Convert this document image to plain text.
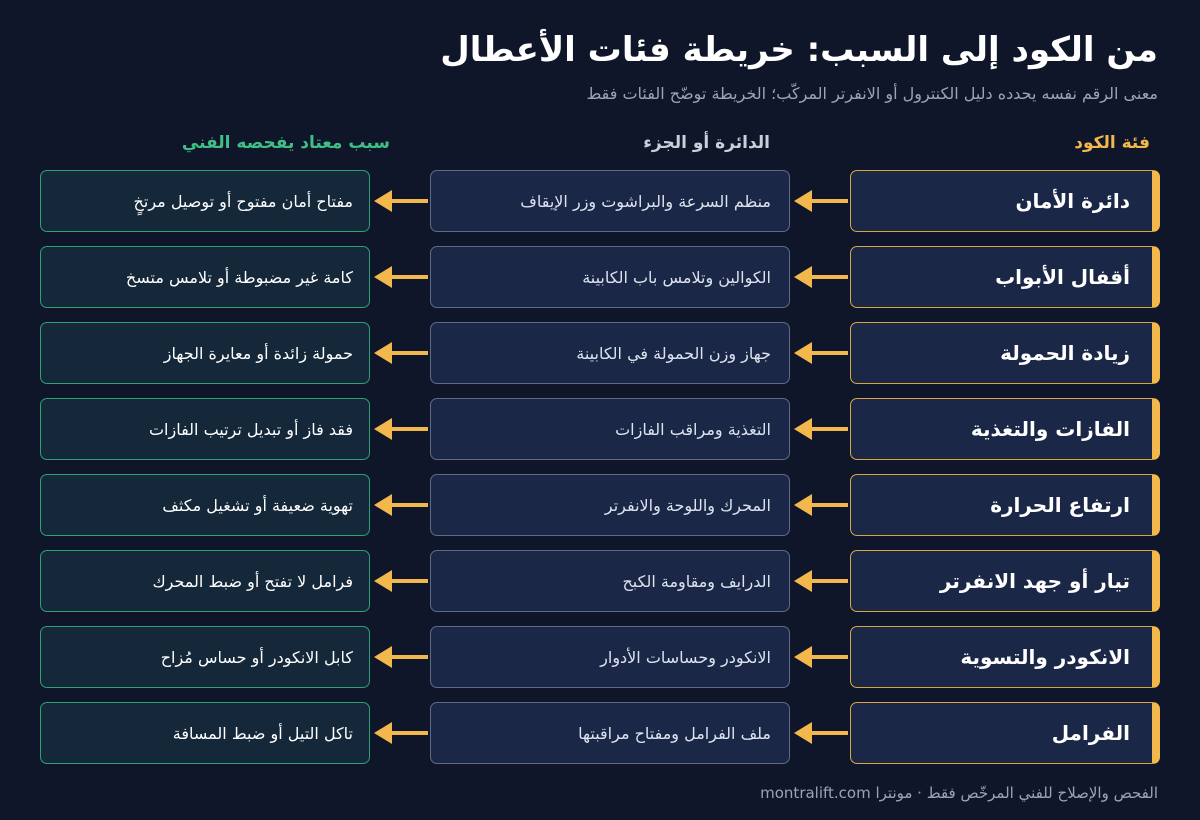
من الكود إلى السبب: خريطة فئات الأعطال

معنى الرقم نفسه يحدده دليل الكنترول أو الانفرتر المركّب؛ الخريطة توضّح الفئات فقط

فئة الكود
الدائرة أو الجزء
سبب معتاد يفحصه الفني
دائرة الأمان
منظم السرعة والبراشوت وزر الإيقاف
مفتاح أمان مفتوح أو توصيل مرتخٍ
أقفال الأبواب
الكوالين وتلامس باب الكابينة
كامة غير مضبوطة أو تلامس متسخ
زيادة الحمولة
جهاز وزن الحمولة في الكابينة
حمولة زائدة أو معايرة الجهاز
الفازات والتغذية
التغذية ومراقب الفازات
فقد فاز أو تبديل ترتيب الفازات
ارتفاع الحرارة
المحرك واللوحة والانفرتر
تهوية ضعيفة أو تشغيل مكثف
تيار أو جهد الانفرتر
الدرايف ومقاومة الكبح
فرامل لا تفتح أو ضبط المحرك
الانكودر والتسوية
الانكودر وحساسات الأدوار
كابل الانكودر أو حساس مُزاح
الفرامل
ملف الفرامل ومفتاح مراقبتها
تاكل التيل أو ضبط المسافة

الفحص والإصلاح للفني المرخّص فقط · مونترا montralift.com
